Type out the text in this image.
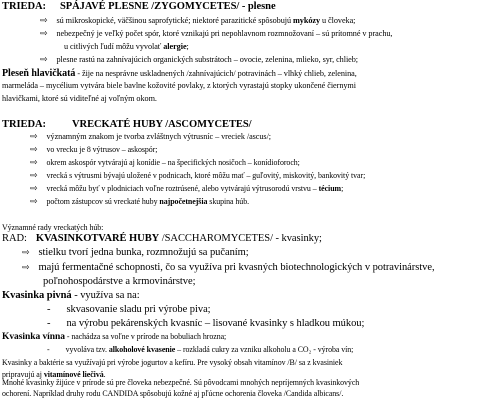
TRIEDA: SPÁJAVÉ PLESNE /ZYGOMYCETES/ - plesne
⇨ sú mikroskopické, väčšinou saprofytické; niektoré parazitické spôsobujú mykózy u človeka;
⇨ nebezpečný je veľký počet spór, ktoré vznikajú pri nepohlavnom rozmnožovaní – sú prítomné v prachu,
u citlivých ľudí môžu vyvolať alergie;
⇨ plesne rastú na zahnívajúcich organických substrátoch – ovocie, zelenina, mlieko, syr, chlieb;
Pleseň hlavičkatá - žije na nesprávne uskladnených /zahnívajúcich/ potravinách – vlhký chlieb, zelenina,
marmeláda – mycélium vytvára biele bavlne kožovité povlaky, z ktorých vyrastajú stopky ukončené čiernymi
hlavičkami, ktoré sú viditeľné aj voľným okom.
TRIEDA: VRECKATÉ HUBY /ASCOMYCETES/
⇨ významným znakom je tvorba zvláštnych výtrusníc – vreciek /ascus/;
⇨ vo vrecku je 8 výtrusov – askospór;
⇨ okrem askospór vytvárajú aj konídie – na špecifických nosičoch – konídioforoch;
⇨ vrecká s výtrusmi bývajú uložené v podnicach, ktoré môžu mať – guľovitý, miskovitý, bankovitý tvar;
⇨ vrecká môžu byť v plodniciach voľne roztrúsené, alebo vytvárajú výtrusorodú vrstvu – técium;
⇨ počtom zástupcov sú vreckaté huby najpočetnejšia skupina húb.
Významné rady vreckatých húb:
RAD: KVASINKOTVARÉ HUBY /SACCHAROMYCETES/ - kvasinky;
⇨ stielku tvorí jedna bunka, rozmnožujú sa pučaním;
⇨ majú fermentačné schopnosti, čo sa využíva pri kvasných biotechnologických v potravinárstve,
poľnohospodárstve a krmovinárstve;
Kvasinka pivná - využíva sa na:
- skvasovanie sladu pri výrobe piva;
- na výrobu pekárenských kvasníc – lisované kvasinky s hladkou múkou;
Kvasinka vínna - nachádza sa voľne v prírode na bobuliach hrozna;
- vyvoláva tzv. alkoholové kvasenie – rozkladá cukry za vzniku alkoholu a CO₂ - výroba vín;
Kvasinky a baktérie sa využívajú pri výrobe jogurtov a kefíru. Pre vysoký obsah vitamínov /B/ sa z kvasiniek
pripravujú aj vitamínové liečivá.
Mnohé kvasinky žijúce v prírode sú pre človeka nebezpečné. Sú pôvodcami mnohých nepríjemných kvasinkových
ochorení. Napríklad druhy rodu CANDIDA spôsobujú kožné aj pľúcne ochorenia človeka /Candida albicans/.
